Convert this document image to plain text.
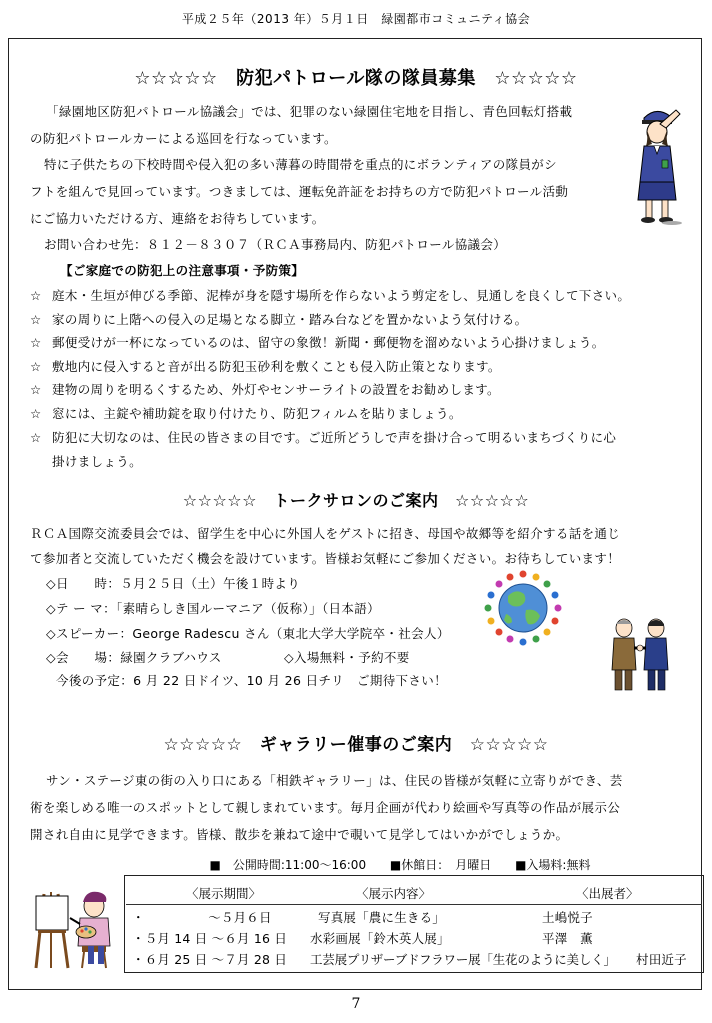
平成２５年（2013 年）５月１日　緑園都市コミュニティ協会
☆☆☆☆☆　防犯パトロール隊の隊員募集　☆☆☆☆☆
「緑園地区防犯パトロール協議会」では、犯罪のない緑園住宅地を目指し、青色回転灯搭載
の防犯パトロールカーによる巡回を行なっています。
特に子供たちの下校時間や侵入犯の多い薄暮の時間帯を重点的にボランティアの隊員がシ
フトを組んで見回っています。つきましては、運転免許証をお持ちの方で防犯パトロール活動
にご協力いただける方、連絡をお待ちしています。
お問い合わせ先：８１２－８３０７（ＲＣＡ事務局内、防犯パトロール協議会）
【ご家庭での防犯上の注意事項・予防策】
☆ 庭木・生垣が伸びる季節、泥棒が身を隠す場所を作らないよう剪定をし、見通しを良くして下さい。
☆ 家の周りに上階への侵入の足場となる脚立・踏み台などを置かないよう気付ける。
☆ 郵便受けが一杯になっているのは、留守の象徴！新聞・郵便物を溜めないよう心掛けましょう。
☆ 敷地内に侵入すると音が出る防犯玉砂利を敷くことも侵入防止策となります。
☆ 建物の周りを明るくするため、外灯やセンサーライトの設置をお勧めします。
☆ 窓には、主錠や補助錠を取り付けたり、防犯フィルムを貼りましょう。
☆ 防犯に大切なのは、住民の皆さまの目です。ご近所どうしで声を掛け合って明るいまちづくりに心
掛けましょう。
☆☆☆☆☆　トークサロンのご案内　☆☆☆☆☆
ＲＣＡ国際交流委員会では、留学生を中心に外国人をゲストに招き、母国や故郷等を紹介する話を通じ
て参加者と交流していただく機会を設けています。皆様お気軽にご参加ください。お待ちしています！
◇日　　時：５月２５日（土）午後１時より
◇テ ー マ：「素晴らしき国ルーマニア（仮称）」（日本語）
◇スピーカー：George Radescu さん（東北大学大学院卒・社会人）
◇会　　場：緑園クラブハウス	◇入場無料・予約不要
今後の予定：6 月 22 日ドイツ、10 月 26 日チリ　ご期待下さい！
☆☆☆☆☆　ギャラリー催事のご案内　☆☆☆☆☆
サン・ステージ東の街の入り口にある「相鉄ギャラリー」は、住民の皆様が気軽に立寄りができ、芸
術を楽しめる唯一のスポットとして親しまれています。毎月企画が代わり絵画や写真等の作品が展示公
開され自由に見学できます。皆様、散歩を兼ねて途中で覗いて見学してはいかがでしょうか。
■　公開時間:11:00～16:00 ■休館日：　月曜日 ■入場料:無料
〈展示期間〉	〈展示内容〉	〈出展者〉
・　　　　　～５月６日	写真展「農に生きる」	土嶋悦子
・５月 14 日 ～６月 16 日 水彩画展「鈴木英人展」	平澤　薫
・６月 25 日 ～７月 28 日 工芸展プリザーブドフラワー展「生花のように美しく」 村田近子
7
